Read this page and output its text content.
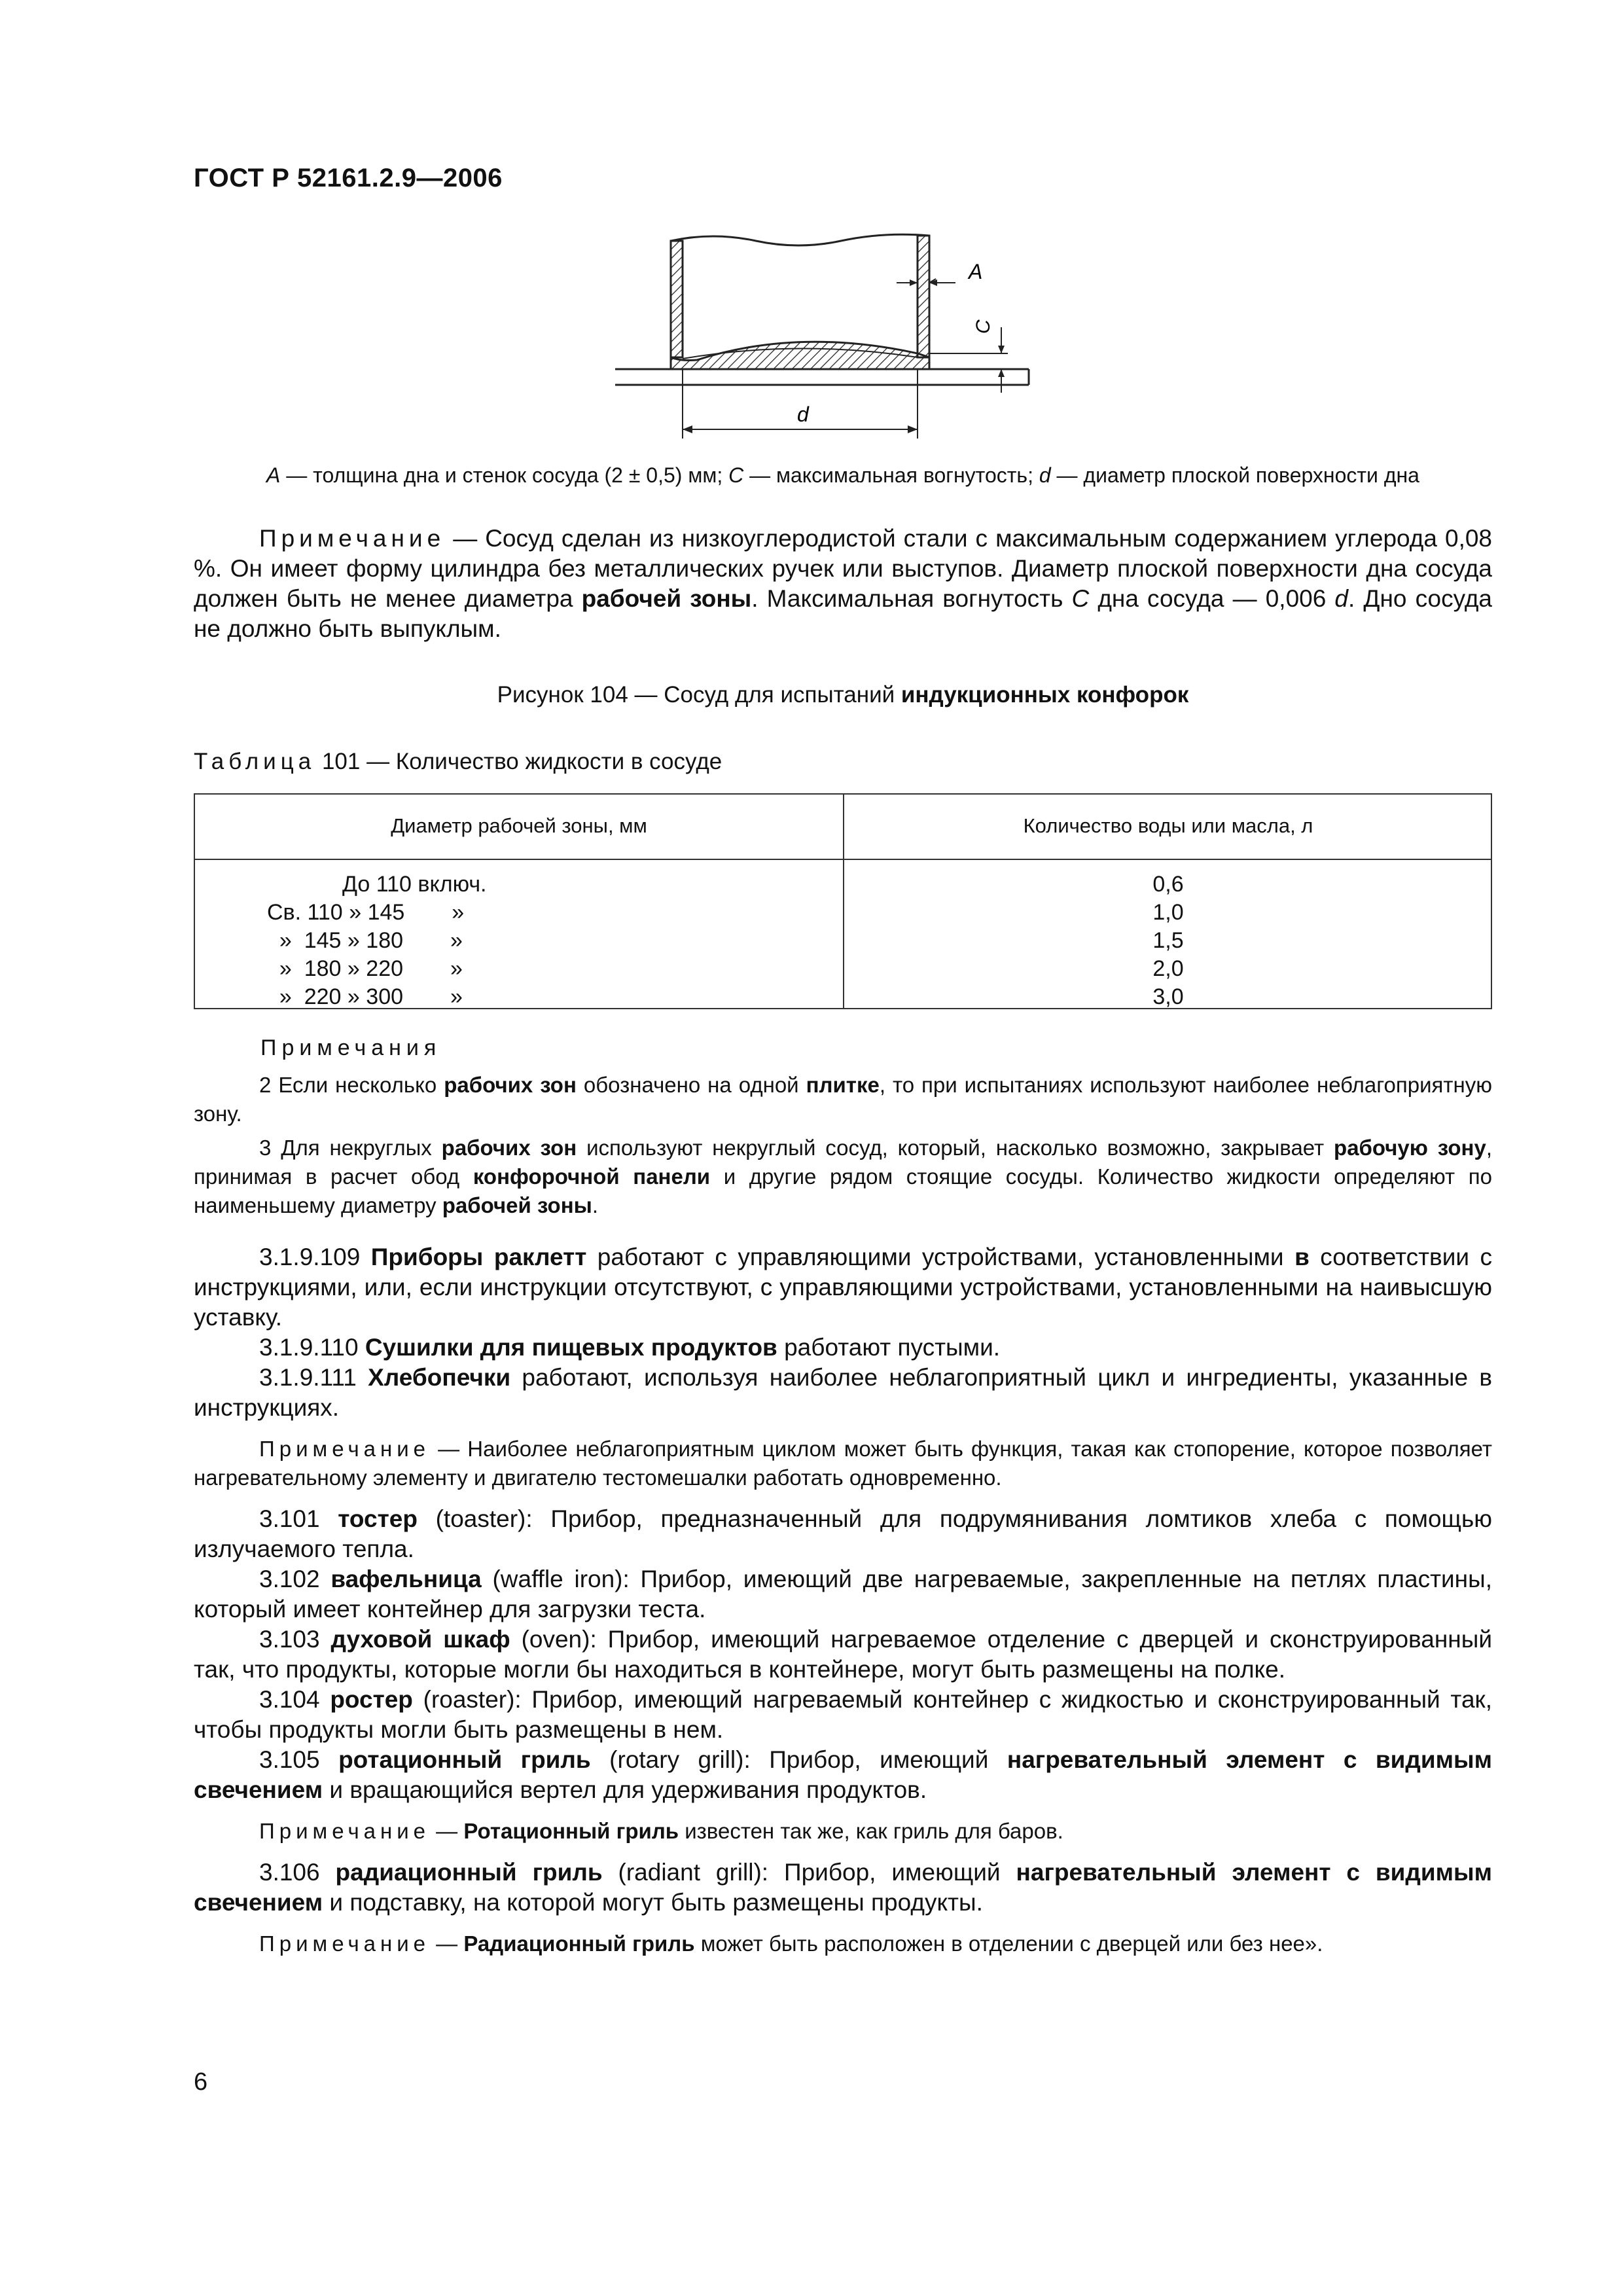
ГОСТ Р 52161.2.9—2006
A
C
d
A — толщина дна и стенок сосуда (2 ± 0,5) мм; C — максимальная вогнутость; d — диаметр плоской поверхности дна

Примечание — Сосуд сделан из низкоуглеродистой стали с максимальным содержанием углерода 0,08 %. Он имеет форму цилиндра без металлических ручек или выступов. Диаметр плоской поверхности дна сосуда должен быть не менее диаметра рабочей зоны. Максимальная вогнутость C дна сосуда — 0,006 d. Дно сосуда не должно быть выпуклым.

Рисунок 104 — Сосуд для испытаний индукционных конфорок
Таблица 101 — Количество жидкости в сосуде
Диаметр рабочей зоны, мм	Количество воды или масла, л
До 110 включ.
Св. 110 » 145 »
» 145 » 180 »
» 180 » 220 »
» 220 » 300 »
0,6
1,0
1,5
2,0
3,0
Примечания

2 Если несколько рабочих зон обозначено на одной плитке, то при испытаниях используют наиболее неблагоприятную зону.

3 Для некруглых рабочих зон используют некруглый сосуд, который, насколько возможно, закрывает рабочую зону, принимая в расчет обод конфорочной панели и другие рядом стоящие сосуды. Количество жидкости определяют по наименьшему диаметру рабочей зоны.

3.1.9.109 Приборы раклетт работают с управляющими устройствами, установленными в соответствии с инструкциями, или, если инструкции отсутствуют, с управляющими устройствами, установленными на наивысшую уставку.

3.1.9.110 Сушилки для пищевых продуктов работают пустыми.

3.1.9.111 Хлебопечки работают, используя наиболее неблагоприятный цикл и ингредиенты, указанные в инструкциях.

Примечание — Наиболее неблагоприятным циклом может быть функция, такая как стопорение, которое позволяет нагревательному элементу и двигателю тестомешалки работать одновременно.

3.101 тостер (toaster): Прибор, предназначенный для подрумянивания ломтиков хлеба с помощью излучаемого тепла.

3.102 вафельница (waffle iron): Прибор, имеющий две нагреваемые, закрепленные на петлях пластины, который имеет контейнер для загрузки теста.

3.103 духовой шкаф (oven): Прибор, имеющий нагреваемое отделение с дверцей и сконструированный так, что продукты, которые могли бы находиться в контейнере, могут быть размещены на полке.

3.104 ростер (roaster): Прибор, имеющий нагреваемый контейнер с жидкостью и сконструированный так, чтобы продукты могли быть размещены в нем.

3.105 ротационный гриль (rotary grill): Прибор, имеющий нагревательный элемент с видимым свечением и вращающийся вертел для удерживания продуктов.

Примечание — Ротационный гриль известен так же, как гриль для баров.

3.106 радиационный гриль (radiant grill): Прибор, имеющий нагревательный элемент с видимым свечением и подставку, на которой могут быть размещены продукты.

Примечание — Радиационный гриль может быть расположен в отделении с дверцей или без нее».

6
